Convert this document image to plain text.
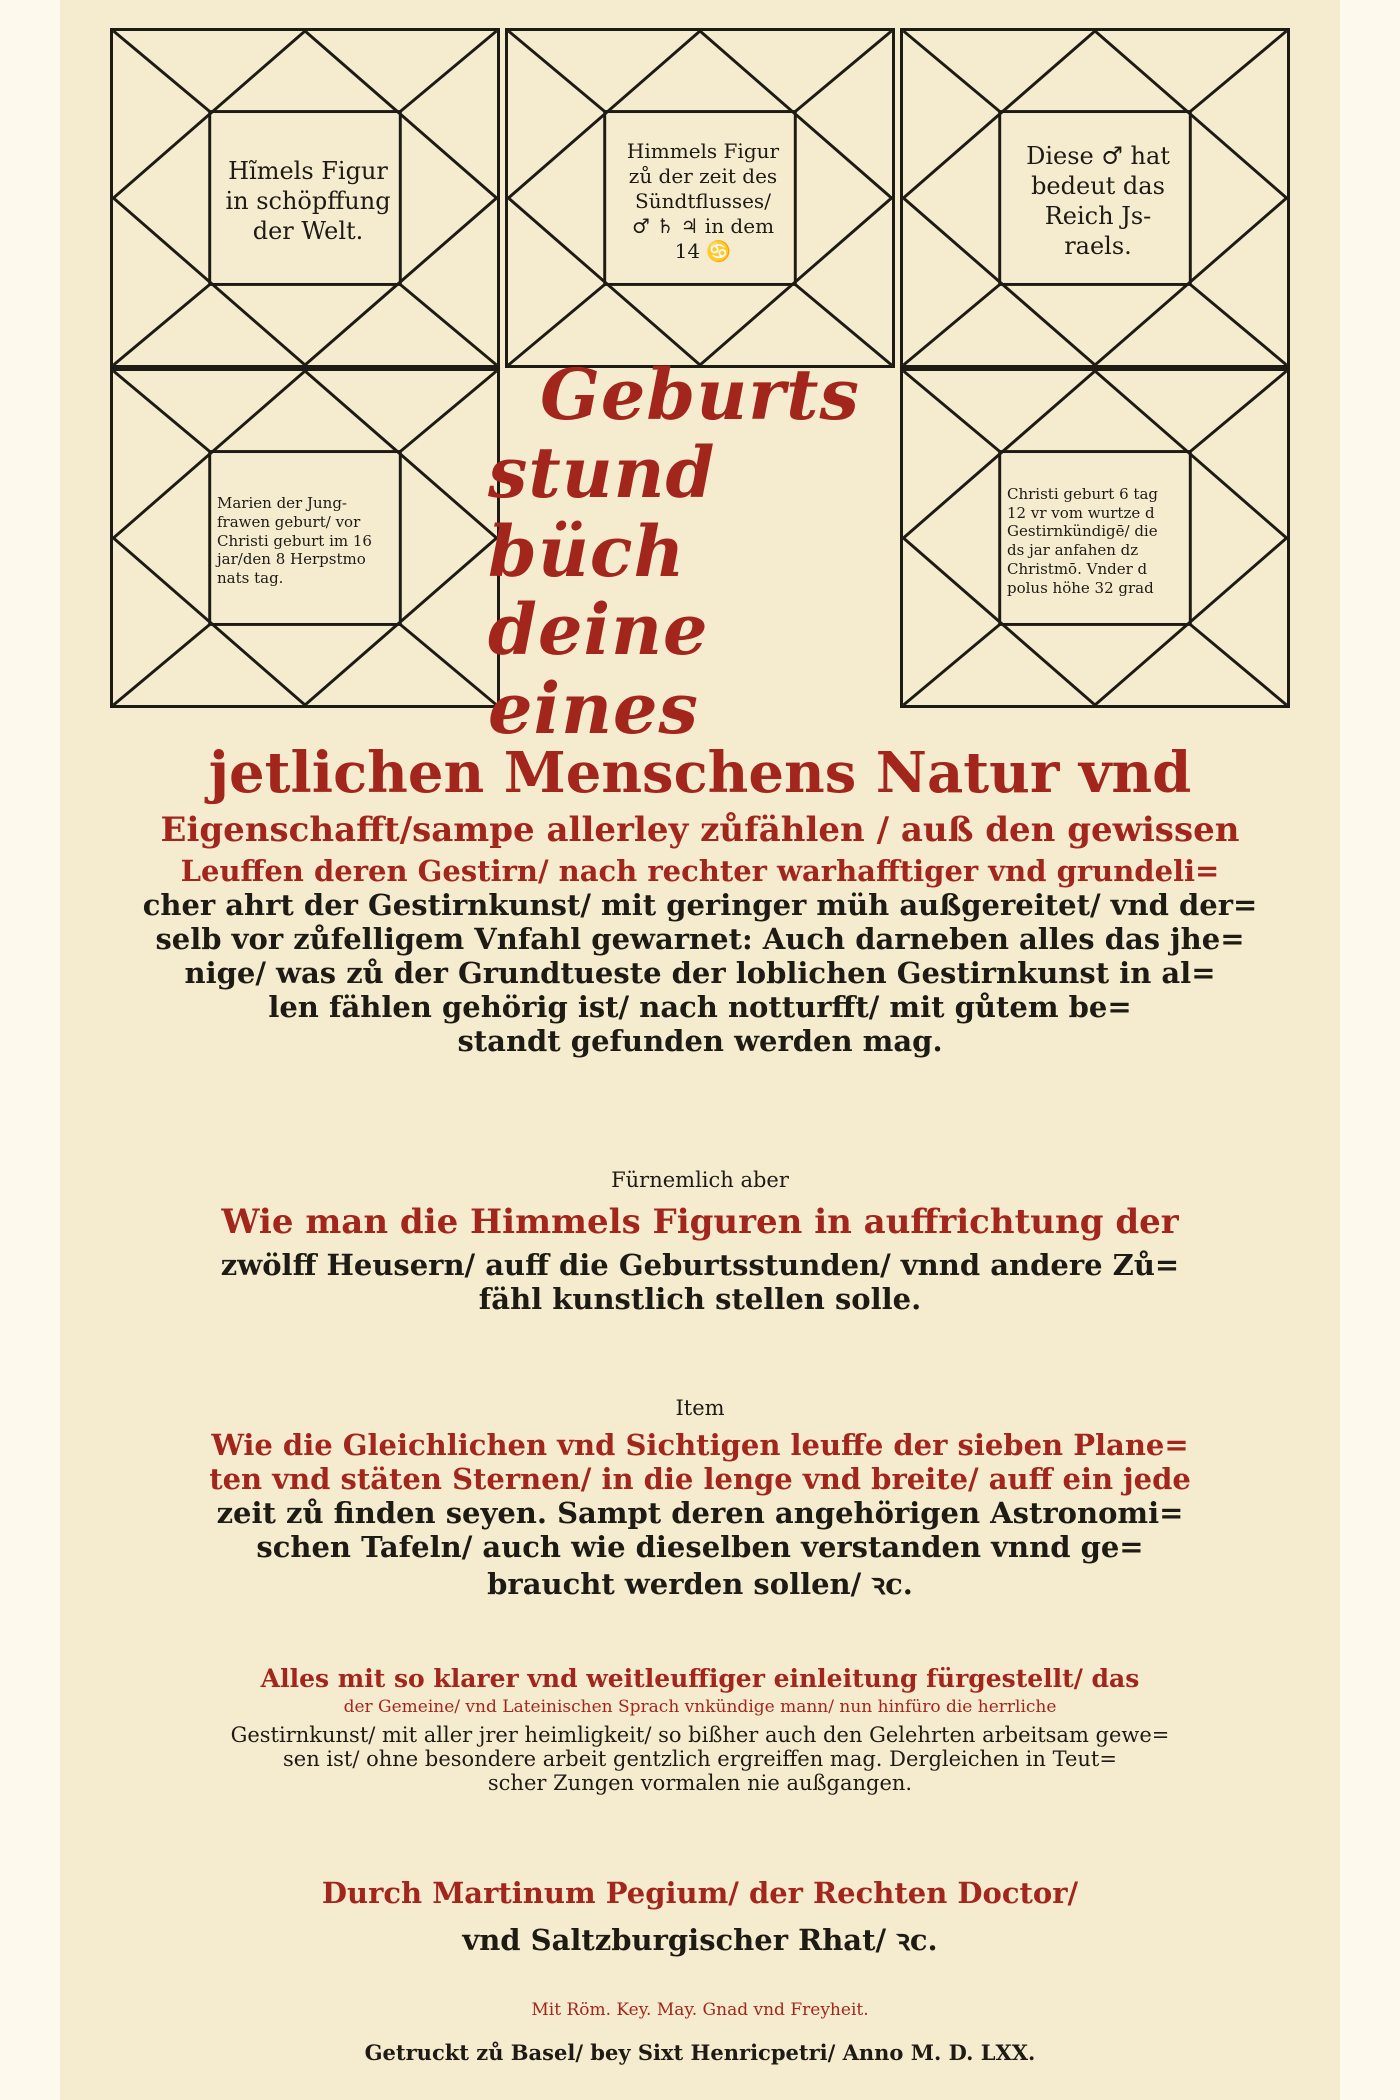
Hĩmels Figur
in schöpffung
der Welt.
Himmels Figur
zů der zeit des
Sündtflusses/
♂ ♄ ♃ in dem
14 ♋
Diese ♂ hat
bedeut das
Reich Js-
raels.
Marien der Jung-
frawen geburt/ vor
Christi geburt im 16
jar/den 8 Herpstmo
nats tag.
Geburts
stund büch
deine eines
Christi geburt 6 tag
12 vr vom wurtze d
Gestirnkündigē/ die
ds jar anfahen dz
Christmō. Vnder d
polus höhe 32 grad
jetlichen Menschens Natur vnd
Eigenschafft/sampe allerley zůfählen / auß den gewissen
Leuffen deren Gestirn/ nach rechter warhafftiger vnd grundeli=
cher ahrt der Gestirnkunst/ mit geringer müh außgereitet/ vnd der=
selb vor zůfelligem Vnfahl gewarnet: Auch darneben alles das jhe=
nige/ was zů der Grundtueste der loblichen Gestirnkunst in al=
len fählen gehörig ist/ nach notturfft/ mit gůtem be=
standt gefunden werden mag.
Fürnemlich aber
Wie man die Himmels Figuren in auffrichtung der
zwölff Heusern/ auff die Geburtsstunden/ vnnd andere Zů=
fähl kunstlich stellen solle.
Item
Wie die Gleichlichen vnd Sichtigen leuffe der sieben Plane=
ten vnd stäten Sternen/ in die lenge vnd breite/ auff ein jede
zeit zů finden seyen. Sampt deren angehörigen Astronomi=
schen Tafeln/ auch wie dieselben verstanden vnnd ge=
braucht werden sollen/ ꝛc.
Alles mit so klarer vnd weitleuffiger einleitung fürgestellt/ das
der Gemeine/ vnd Lateinischen Sprach vnkündige mann/ nun hinfüro die herrliche
Gestirnkunst/ mit aller jrer heimligkeit/ so bißher auch den Gelehrten arbeitsam gewe=
sen ist/ ohne besondere arbeit gentzlich ergreiffen mag. Dergleichen in Teut=
scher Zungen vormalen nie außgangen.
Durch Martinum Pegium/ der Rechten Doctor/
vnd Saltzburgischer Rhat/ ꝛc.
Mit Röm. Key. May. Gnad vnd Freyheit.
Getruckt zů Basel/ bey Sixt Henricpetri/ Anno M. D. LXX.
